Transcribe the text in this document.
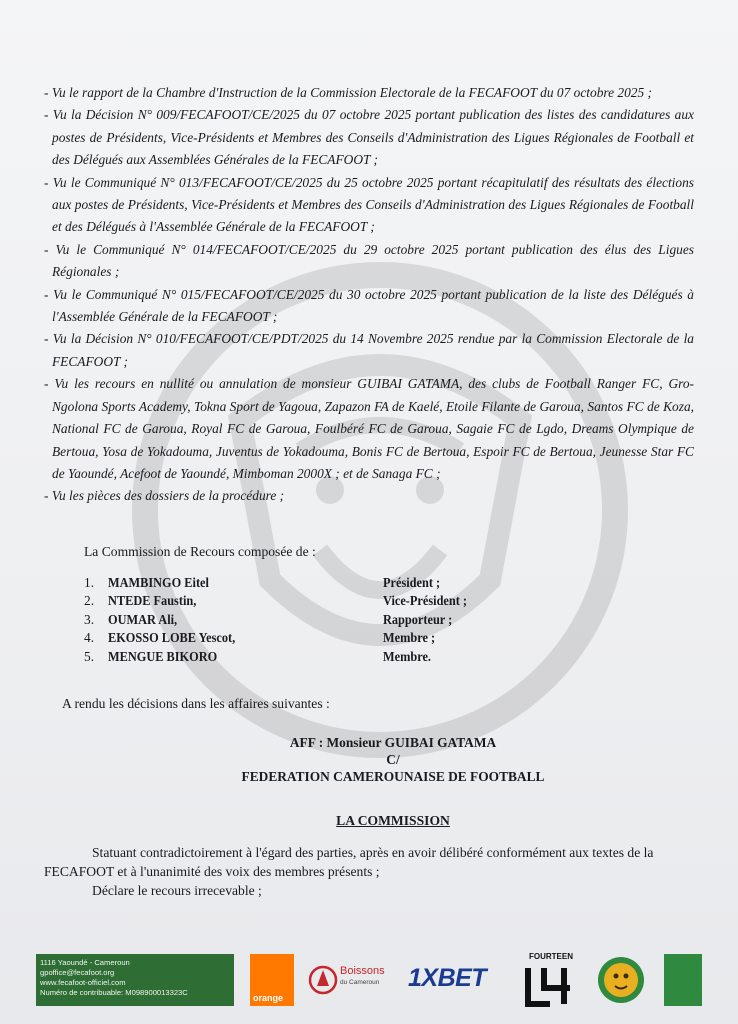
- Vu le rapport de la Chambre d'Instruction de la Commission Electorale de la FECAFOOT du 07 octobre 2025 ;
- Vu la Décision N° 009/FECAFOOT/CE/2025 du 07 octobre 2025 portant publication des listes des candidatures aux postes de Présidents, Vice-Présidents et Membres des Conseils d'Administration des Ligues Régionales de Football et des Délégués aux Assemblées Générales de la FECAFOOT ;
- Vu le Communiqué N° 013/FECAFOOT/CE/2025 du 25 octobre 2025 portant récapitulatif des résultats des élections aux postes de Présidents, Vice-Présidents et Membres des Conseils d'Administration des Ligues Régionales de Football et des Délégués à l'Assemblée Générale de la FECAFOOT ;
- Vu le Communiqué N° 014/FECAFOOT/CE/2025 du 29 octobre 2025 portant publication des élus des Ligues Régionales ;
- Vu le Communiqué N° 015/FECAFOOT/CE/2025 du 30 octobre 2025 portant publication de la liste des Délégués à l'Assemblée Générale de la FECAFOOT ;
- Vu la Décision N° 010/FECAFOOT/CE/PDT/2025 du 14 Novembre 2025 rendue par la Commission Electorale de la FECAFOOT ;
- Vu les recours en nullité ou annulation de monsieur GUIBAI GATAMA, des clubs de Football Ranger FC, Gro-Ngolona Sports Academy, Tokna Sport de Yagoua, Zapazon FA de Kaelé, Etoile Filante de Garoua, Santos FC de Koza, National FC de Garoua, Royal FC de Garoua, Foulbéré FC de Garoua, Sagaie FC de Lgdo, Dreams Olympique de Bertoua, Yosa de Yokadouma, Juventus de Yokadouma, Bonis FC de Bertoua, Espoir FC de Bertoua, Jeunesse Star FC de Yaoundé, Acefoot de Yaoundé, Mimboman 2000X ; et de Sanaga FC ;
- Vu les pièces des dossiers de la procédure ;
La Commission de Recours composée de :
1.	MAMBINGO Eitel	Président ;
2.	NTEDE Faustin,	Vice-Président ;
3.	OUMAR Ali,	Rapporteur ;
4.	EKOSSO LOBE Yescot,	Membre ;
5.	MENGUE BIKORO	Membre.
A rendu les décisions dans les affaires suivantes :
AFF : Monsieur GUIBAI GATAMA
C/
FEDERATION CAMEROUNAISE DE FOOTBALL
LA COMMISSION
Statuant contradictoirement à l'égard des parties, après en avoir délibéré conformément aux textes de la FECAFOOT et à l'unanimité des voix des membres présents ;
Déclare le recours irrecevable ;
1116 Yaoundé - Cameroun
gpoffice@fecafoot.org
www.fecafoot-officiel.com
Numéro de contribuable: M098900013323C
orange
Boissons
du Cameroun 1XBET
FOURTEEN
